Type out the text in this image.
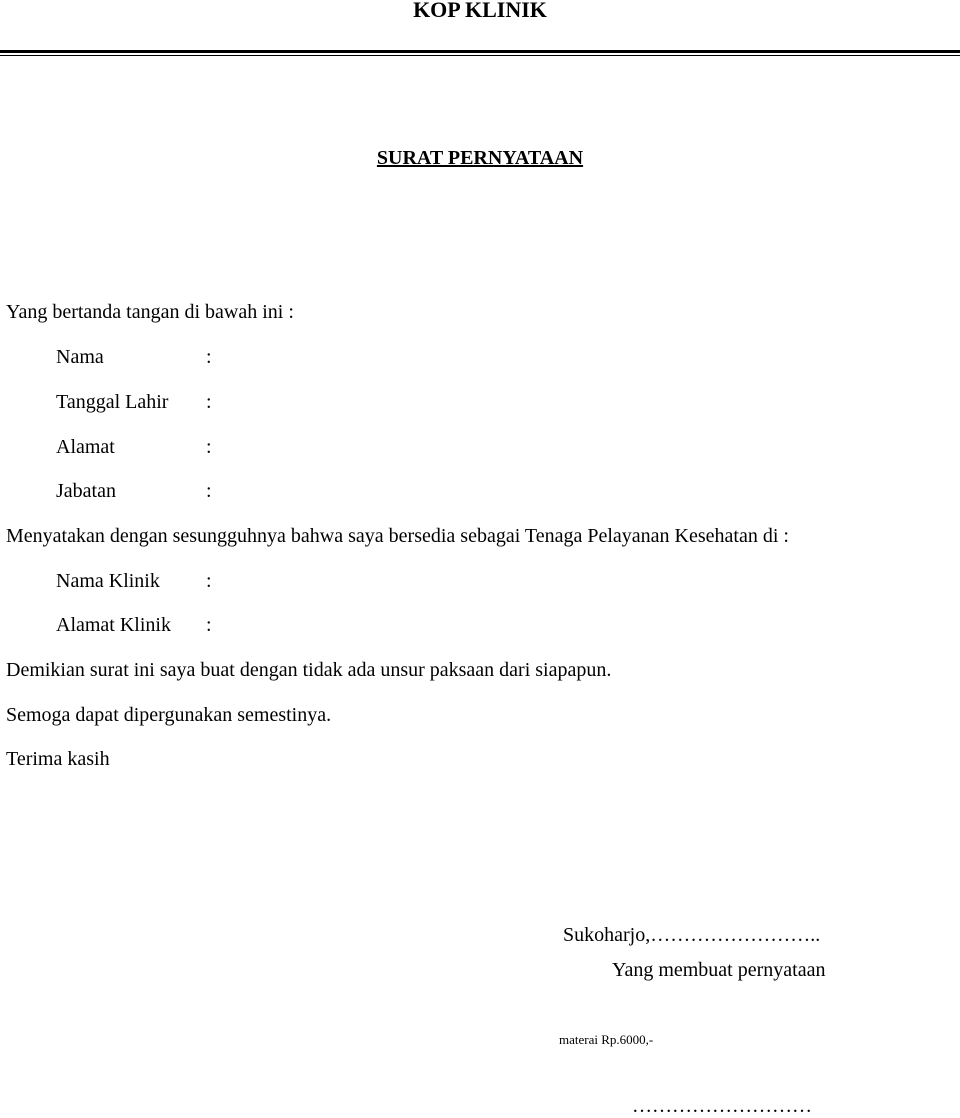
KOP KLINIK
SURAT PERNYATAAN
Yang bertanda tangan di bawah ini :
Nama	:
Tanggal Lahir :
Alamat	:
Jabatan	:
Menyatakan dengan sesungguhnya bahwa saya bersedia sebagai Tenaga Pelayanan Kesehatan di :
Nama Klinik :
Alamat Klinik :
Demikian surat ini saya buat dengan tidak ada unsur paksaan dari siapapun.
Semoga dapat dipergunakan semestinya.
Terima kasih
Sukoharjo,……………………..
Yang membuat pernyataan
materai Rp.6000,-
………………………
